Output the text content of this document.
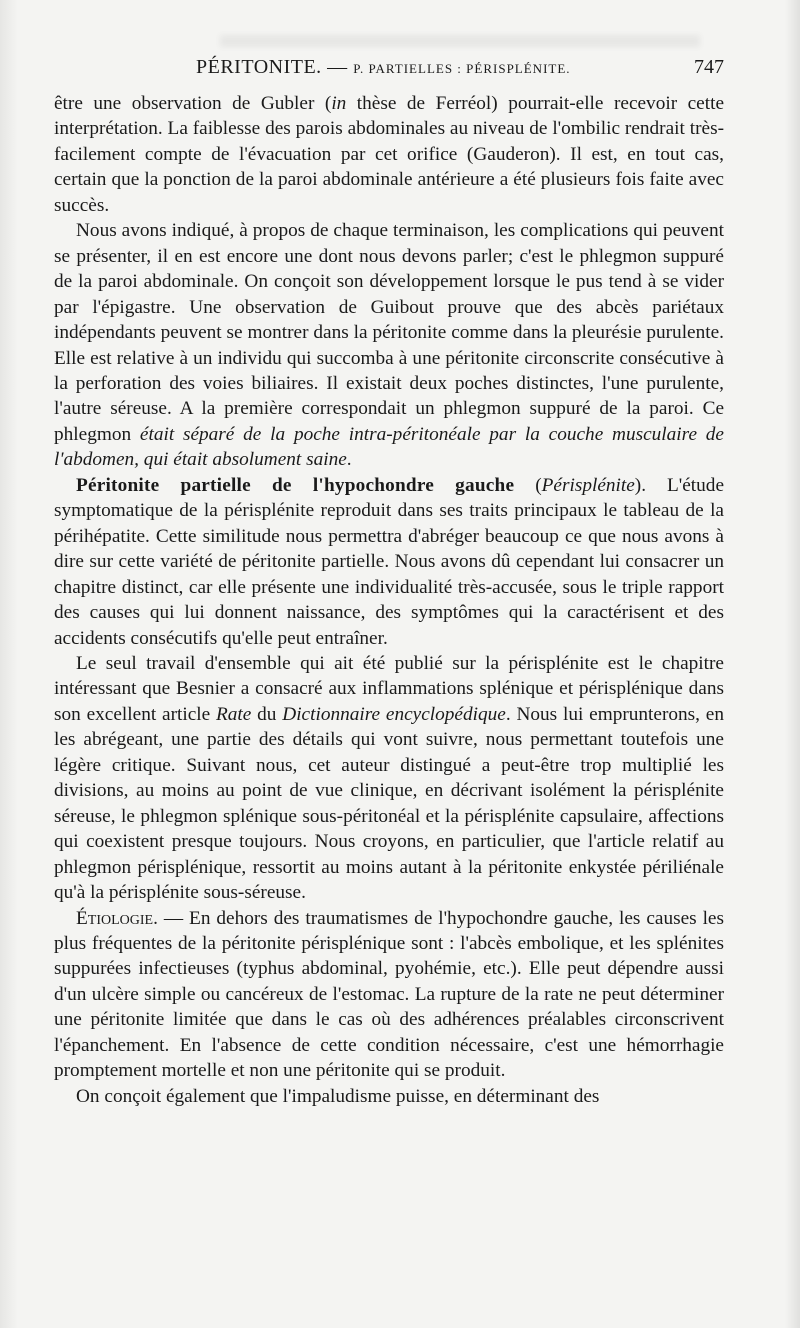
PÉRITONITE. — P. PARTIELLES : PÉRISPLÉNITE.	747

être une observation de Gubler (in thèse de Ferréol) pourrait-elle recevoir cette interprétation. La faiblesse des parois abdominales au niveau de l'ombilic rendrait très-facilement compte de l'évacuation par cet orifice (Gauderon). Il est, en tout cas, certain que la ponction de la paroi abdominale antérieure a été plusieurs fois faite avec succès.

Nous avons indiqué, à propos de chaque terminaison, les complications qui peuvent se présenter, il en est encore une dont nous devons parler; c'est le phlegmon suppuré de la paroi abdominale. On conçoit son développement lorsque le pus tend à se vider par l'épigastre. Une observation de Guibout prouve que des abcès pariétaux indépendants peuvent se montrer dans la péritonite comme dans la pleurésie purulente. Elle est relative à un individu qui succomba à une péritonite circonscrite consécutive à la perforation des voies biliaires. Il existait deux poches distinctes, l'une purulente, l'autre séreuse. A la première correspondait un phlegmon suppuré de la paroi. Ce phlegmon était séparé de la poche intra-péritonéale par la couche musculaire de l'abdomen, qui était absolument saine.

Péritonite partielle de l'hypochondre gauche (Périsplénite). L'étude symptomatique de la périsplénite reproduit dans ses traits principaux le tableau de la périhépatite. Cette similitude nous permettra d'abréger beaucoup ce que nous avons à dire sur cette variété de péritonite partielle. Nous avons dû cependant lui consacrer un chapitre distinct, car elle présente une individualité très-accusée, sous le triple rapport des causes qui lui donnent naissance, des symptômes qui la caractérisent et des accidents consécutifs qu'elle peut entraîner.

Le seul travail d'ensemble qui ait été publié sur la périsplénite est le chapitre intéressant que Besnier a consacré aux inflammations splénique et périsplénique dans son excellent article Rate du Dictionnaire encyclopédique. Nous lui emprunterons, en les abrégeant, une partie des détails qui vont suivre, nous permettant toutefois une légère critique. Suivant nous, cet auteur distingué a peut-être trop multiplié les divisions, au moins au point de vue clinique, en décrivant isolément la périsplénite séreuse, le phlegmon splénique sous-péritonéal et la périsplénite capsulaire, affections qui coexistent presque toujours. Nous croyons, en particulier, que l'article relatif au phlegmon périsplénique, ressortit au moins autant à la péritonite enkystée périliénale qu'à la périsplénite sous-séreuse.

Étiologie. — En dehors des traumatismes de l'hypochondre gauche, les causes les plus fréquentes de la péritonite périsplénique sont : l'abcès embolique, et les splénites suppurées infectieuses (typhus abdominal, pyohémie, etc.). Elle peut dépendre aussi d'un ulcère simple ou cancéreux de l'estomac. La rupture de la rate ne peut déterminer une péritonite limitée que dans le cas où des adhérences préalables circonscrivent l'épanchement. En l'absence de cette condition nécessaire, c'est une hémorrhagie promptement mortelle et non une péritonite qui se produit.

On conçoit également que l'impaludisme puisse, en déterminant des
